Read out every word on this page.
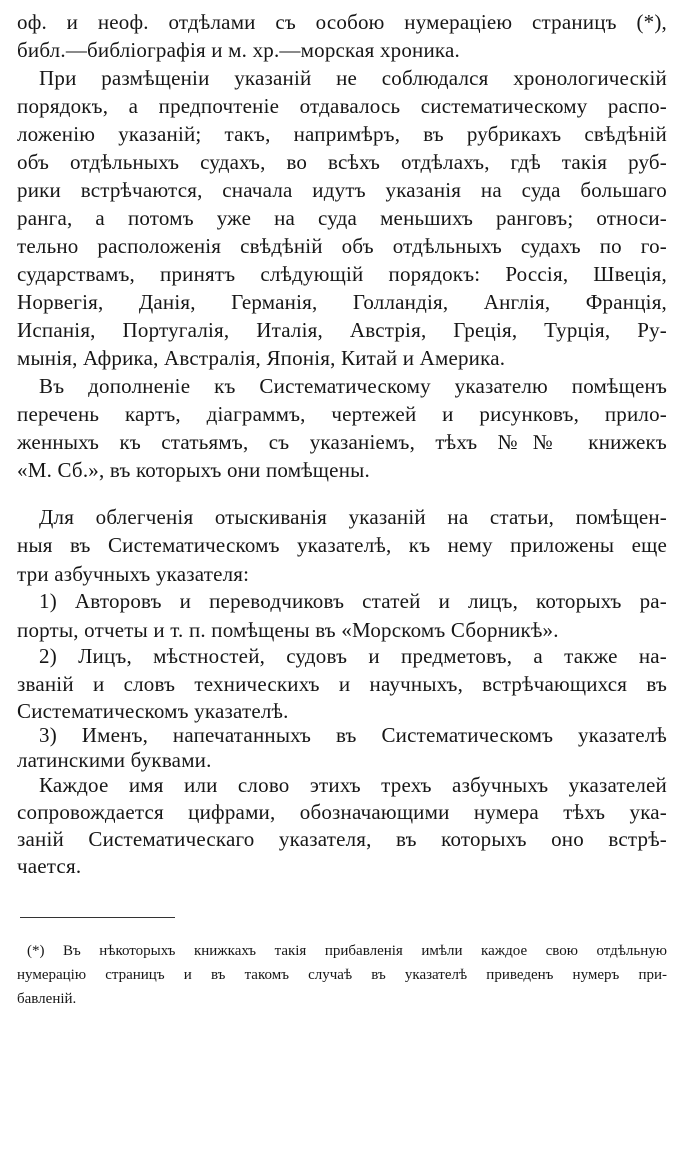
оф. и неоф. отдѣлами съ особою нумераціею страницъ (*),
библ.—библіографія и м. хр.—морская хроника.
При размѣщеніи указаній не соблюдался хронологическій
порядокъ, а предпочтеніе отдавалось систематическому распо-
ложенію указаній; такъ, напримѣръ, въ рубрикахъ свѣдѣній
объ отдѣльныхъ судахъ, во всѣхъ отдѣлахъ, гдѣ такія руб-
рики встрѣчаются, сначала идутъ указанія на суда большаго
ранга, а потомъ уже на суда меньшихъ ранговъ; относи-
тельно расположенія свѣдѣній объ отдѣльныхъ судахъ по го-
сударствамъ, принятъ слѣдующій порядокъ: Россія, Швеція,
Норвегія, Данія, Германія, Голландія, Англія, Франція,
Испанія, Португалія, Италія, Австрія, Греція, Турція, Ру-
мынія, Африка, Австралія, Японія, Китай и Америка.
Въ дополненіе къ Систематическому указателю помѣщенъ
перечень картъ, діаграммъ, чертежей и рисунковъ, прило-
женныхъ къ статьямъ, съ указаніемъ, тѣхъ №№ книжекъ
«М. Сб.», въ которыхъ они помѣщены.
Для облегченія отыскиванія указаній на статьи, помѣщен-
ныя въ Систематическомъ указателѣ, къ нему приложены еще
три азбучныхъ указателя:
1) Авторовъ и переводчиковъ статей и лицъ, которыхъ ра-
порты, отчеты и т. п. помѣщены въ «Морскомъ Сборникѣ».
2) Лицъ, мѣстностей, судовъ и предметовъ, а также на-
званій и словъ техническихъ и научныхъ, встрѣчающихся въ
Систематическомъ указателѣ.
3) Именъ, напечатанныхъ въ Систематическомъ указателѣ
латинскими буквами.
Каждое имя или слово этихъ трехъ азбучныхъ указателей
сопровождается цифрами, обозначающими нумера тѣхъ ука-
заній Систематическаго указателя, въ которыхъ оно встрѣ-
чается.
(*) Въ нѣкоторыхъ книжкахъ такія прибавленія имѣли каждое свою отдѣльную
нумерацію страницъ и въ такомъ случаѣ въ указателѣ приведенъ нумеръ при-
бавленій.
